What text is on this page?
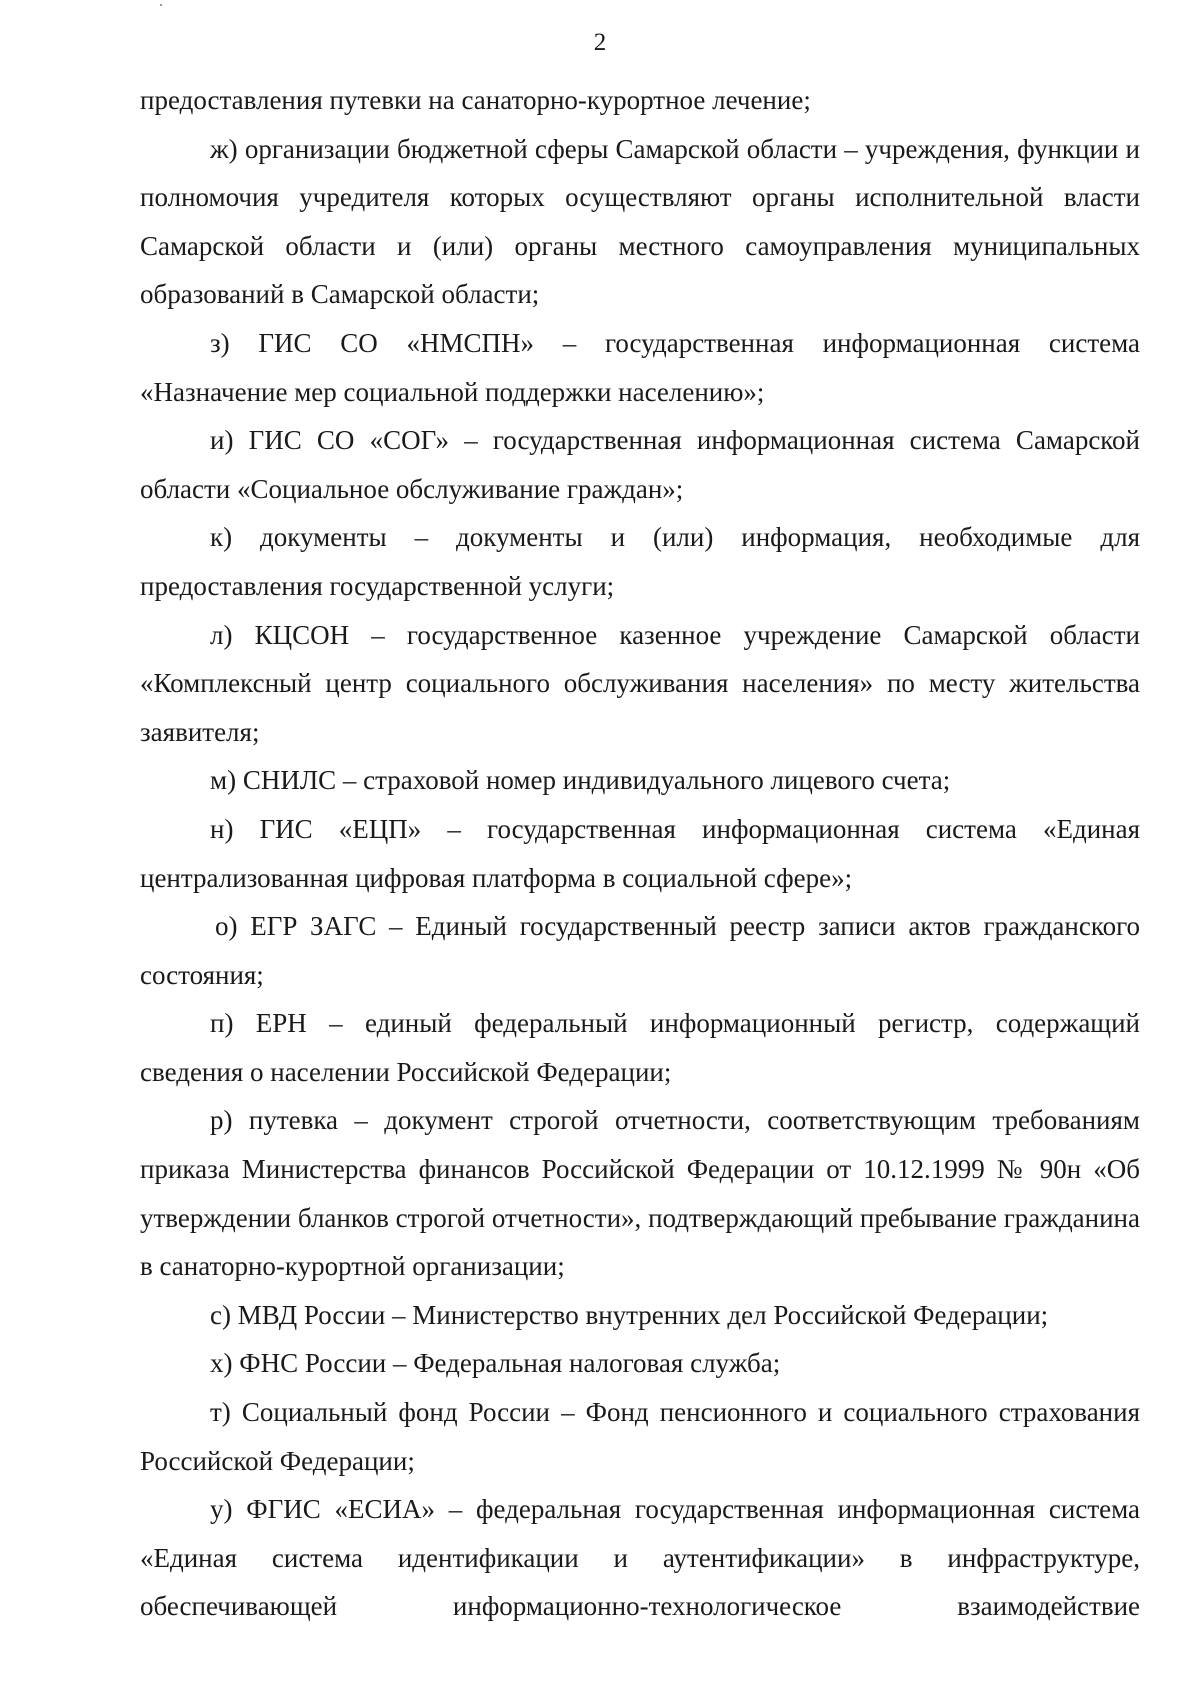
2

предоставления путевки на санаторно-курортное лечение;

ж) организации бюджетной сферы Самарской области – учреждения, функции и полномочия учредителя которых осуществляют органы исполнительной власти Самарской области и (или) органы местного самоуправления муниципальных образований в Самарской области;

з) ГИС СО «НМСПН» – государственная информационная система «Назначение мер социальной поддержки населению»;

и) ГИС СО «СОГ» – государственная информационная система Самарской области «Социальное обслуживание граждан»;

к) документы – документы и (или) информация, необходимые для предоставления государственной услуги;

л) КЦСОН – государственное казенное учреждение Самарской области «Комплексный центр социального обслуживания населения» по месту жительства заявителя;

м) СНИЛС – страховой номер индивидуального лицевого счета;

н) ГИС «ЕЦП» – государственная информационная система «Единая централизованная цифровая платформа в социальной сфере»;

о) ЕГР ЗАГС – Единый государственный реестр записи актов гражданского состояния;

п) ЕРН – единый федеральный информационный регистр, содержащий сведения о населении Российской Федерации;

р) путевка – документ строгой отчетности, соответствующим требованиям приказа Министерства финансов Российской Федерации от 10.12.1999 № 90н «Об утверждении бланков строгой отчетности», подтверждающий пребывание гражданина в санаторно-курортной организации;

с) МВД России – Министерство внутренних дел Российской Федерации;

х) ФНС России – Федеральная налоговая служба;

т) Социальный фонд России – Фонд пенсионного и социального страхования Российской Федерации;

у) ФГИС «ЕСИА» – федеральная государственная информационная система «Единая система идентификации и аутентификации» в инфраструктуре, обеспечивающей информационно-технологическое взаимодействие
